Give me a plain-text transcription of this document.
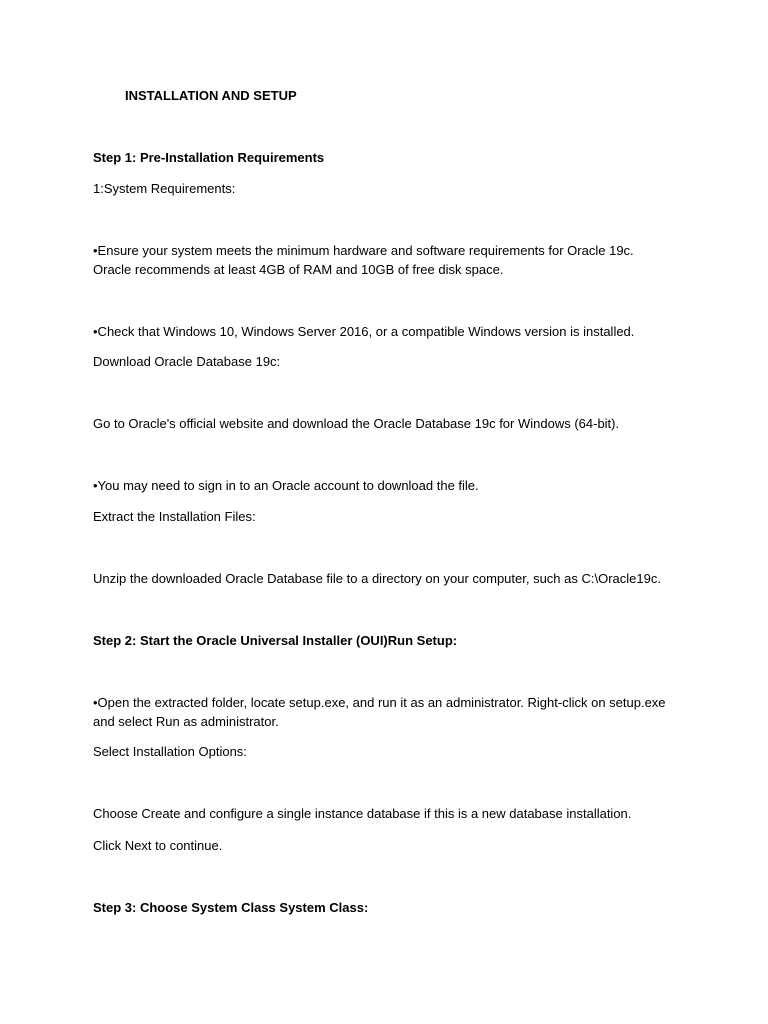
INSTALLATION AND SETUP
Step 1: Pre-Installation Requirements
1:System Requirements:
•Ensure your system meets the minimum hardware and software requirements for Oracle 19c.
Oracle recommends at least 4GB of RAM and 10GB of free disk space.
•Check that Windows 10, Windows Server 2016, or a compatible Windows version is installed.
Download Oracle Database 19c:
Go to Oracle's official website and download the Oracle Database 19c for Windows (64-bit).
•You may need to sign in to an Oracle account to download the file.
Extract the Installation Files:
Unzip the downloaded Oracle Database file to a directory on your computer, such as C:\Oracle19c.
Step 2: Start the Oracle Universal Installer (OUI)Run Setup:
•Open the extracted folder, locate setup.exe, and run it as an administrator. Right-click on setup.exe
and select Run as administrator.
Select Installation Options:
Choose Create and configure a single instance database if this is a new database installation.
Click Next to continue.
Step 3: Choose System Class System Class:
